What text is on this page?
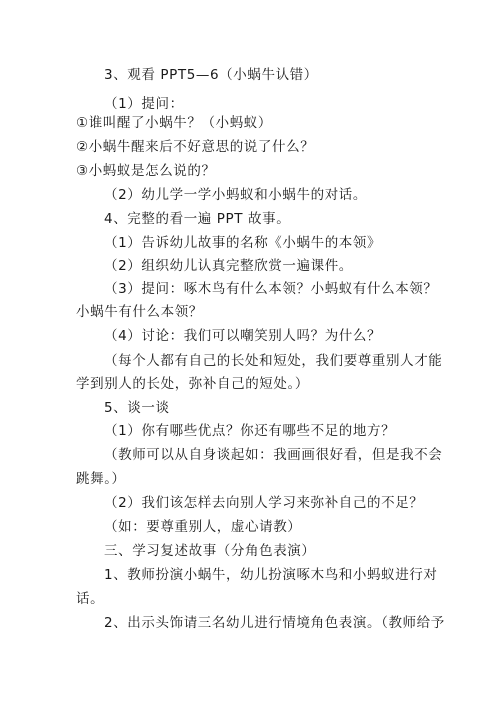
3、观看 PPT5—6（小蜗牛认错）
（1）提问：
①谁叫醒了小蜗牛？（小蚂蚁）
②小蜗牛醒来后不好意思的说了什么？
③小蚂蚁是怎么说的？
（2）幼儿学一学小蚂蚁和小蜗牛的对话。
4、完整的看一遍 PPT 故事。
（1）告诉幼儿故事的名称《小蜗牛的本领》
（2）组织幼儿认真完整欣赏一遍课件。
（3）提问：啄木鸟有什么本领？小蚂蚁有什么本领？
小蜗牛有什么本领？
（4）讨论：我们可以嘲笑别人吗？为什么？
（每个人都有自己的长处和短处，我们要尊重别人才能
学到别人的长处，弥补自己的短处。）
5、谈一谈
（1）你有哪些优点？你还有哪些不足的地方？
（教师可以从自身谈起如：我画画很好看，但是我不会
跳舞。）
（2）我们该怎样去向别人学习来弥补自己的不足？
（如：要尊重别人，虚心请教）
三、学习复述故事（分角色表演）
1、教师扮演小蜗牛，幼儿扮演啄木鸟和小蚂蚁进行对
话。
2、出示头饰请三名幼儿进行情境角色表演。（教师给予
